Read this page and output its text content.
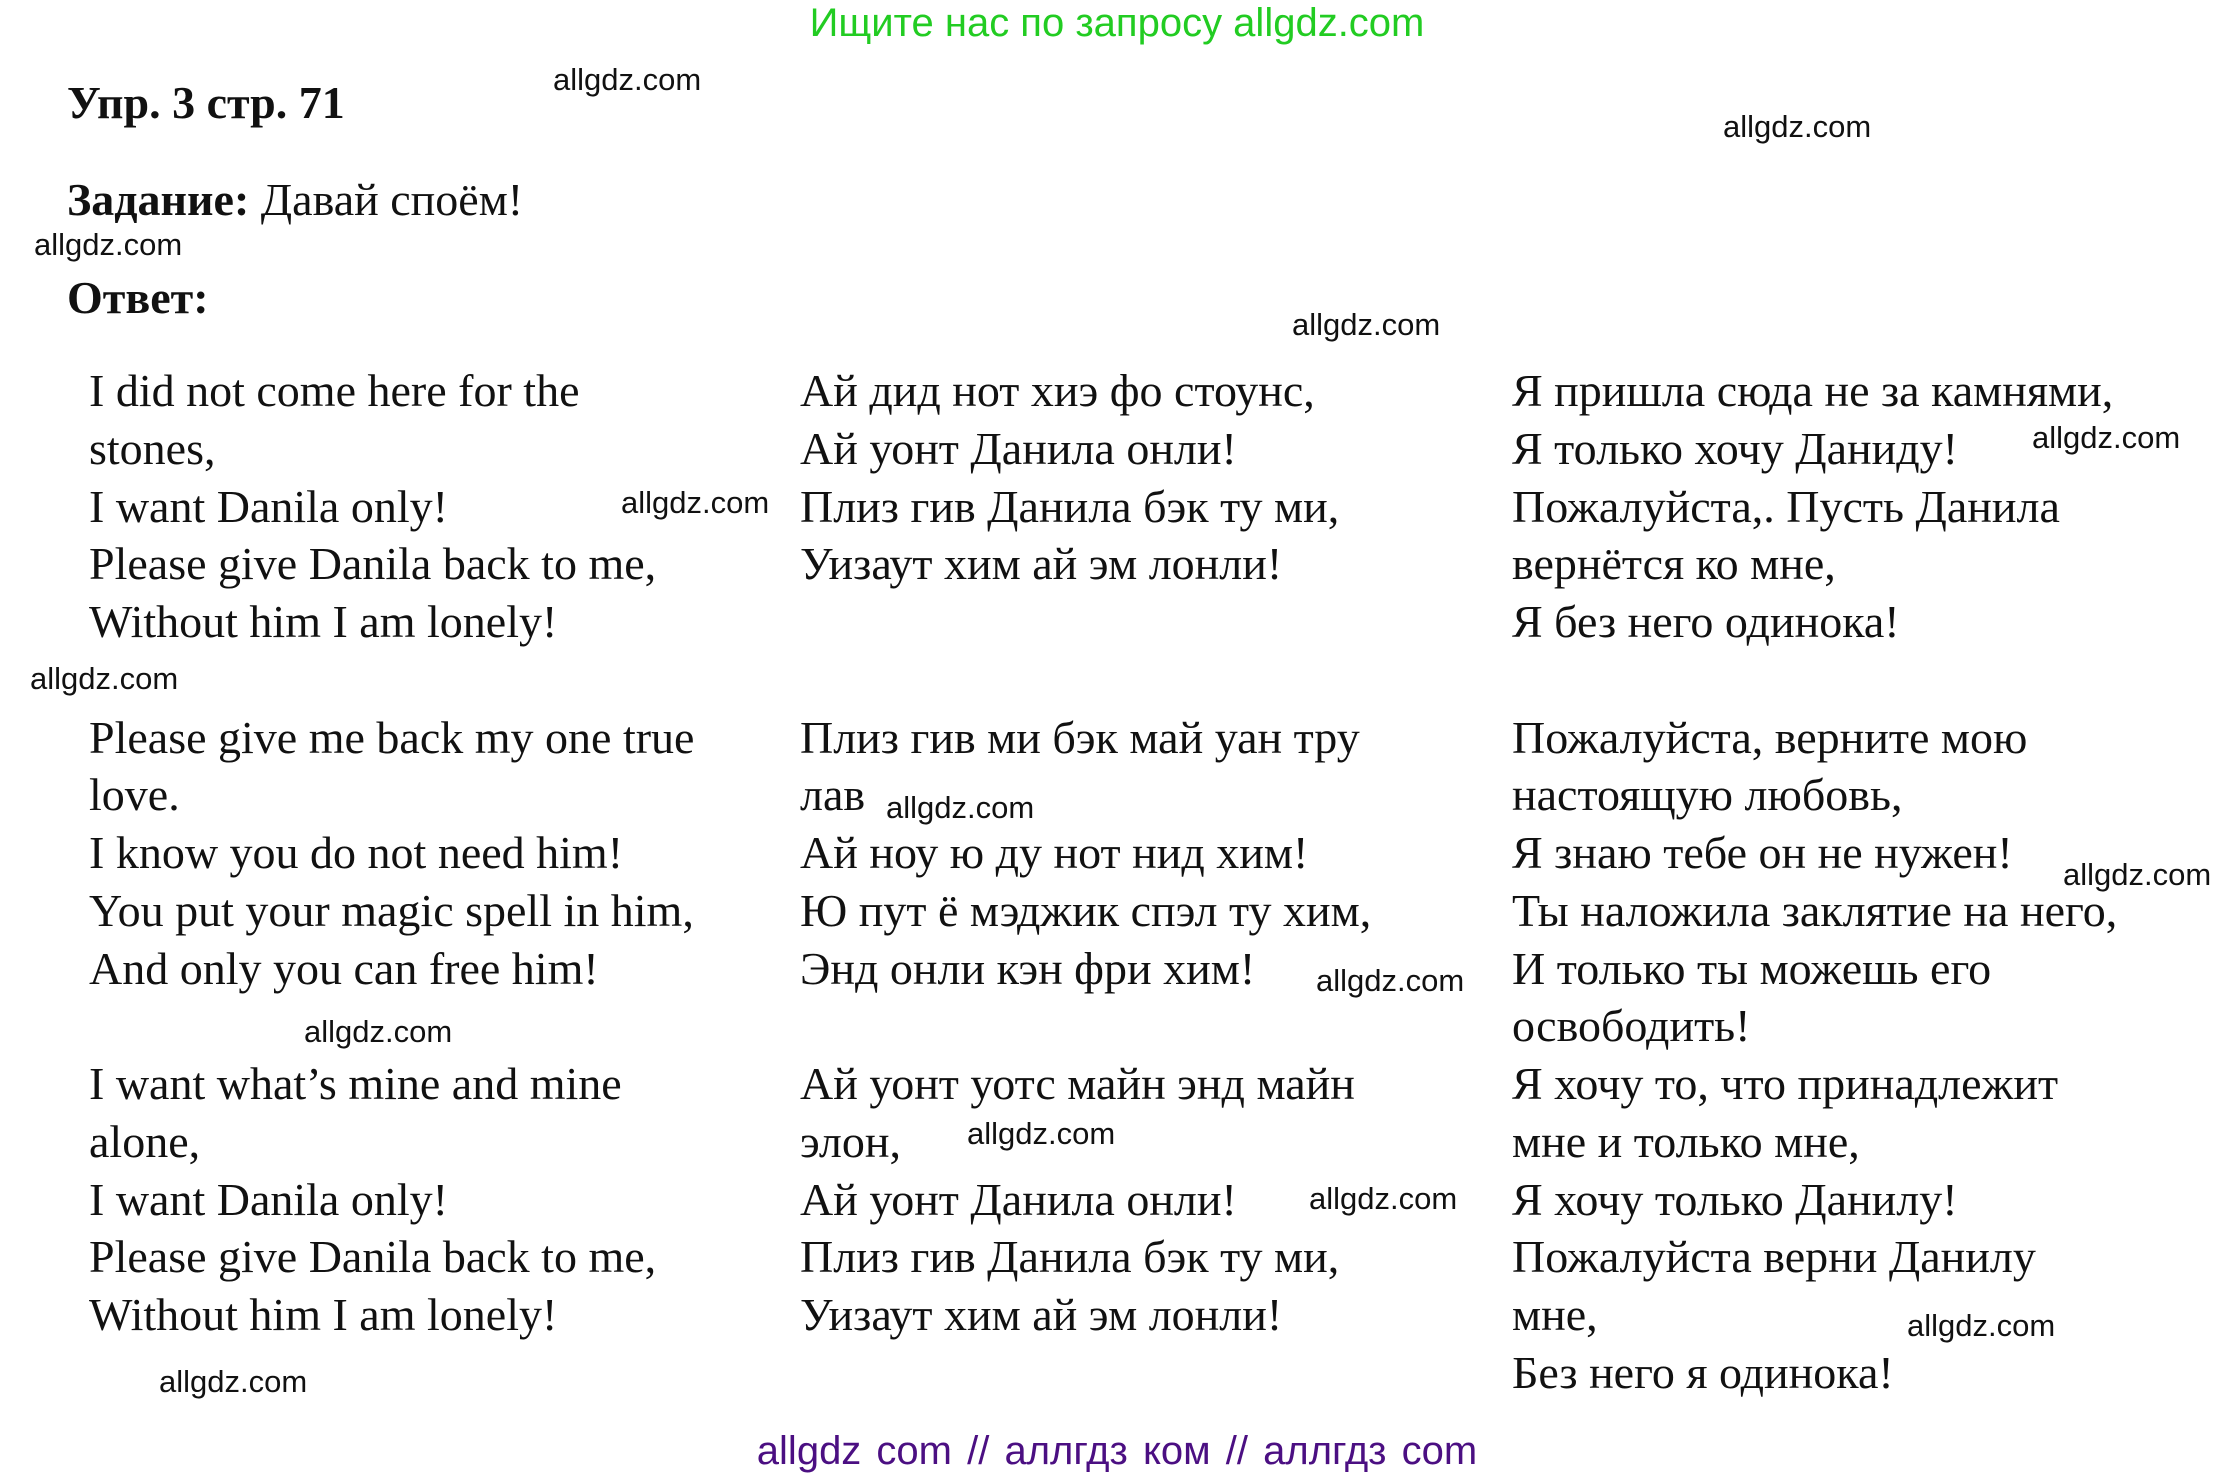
Ищите нас по запросу allgdz.com
Упр. 3 стр. 71
Задание: Давай споём!
Ответ:
I did not come here for the
stones,
I want Danila only!
Please give Danila back to me,
Without him I am lonely!
Please give me back my one true
love.
I know you do not need him!
You put your magic spell in him,
And only you can free him!
I want what’s mine and mine
alone,
I want Danila only!
Please give Danila back to me,
Without him I am lonely!
Ай дид нот хиэ фо стоунс,
Ай уонт Данила онли!
Плиз гив Данила бэк ту ми,
Уизаут хим ай эм лонли!
Плиз гив ми бэк май уан тру
лав
Ай ноу ю ду нот нид хим!
Ю пут ё мэджик спэл ту хим,
Энд онли кэн фри хим!
Ай уонт уотс майн энд майн
элон,
Ай уонт Данила онли!
Плиз гив Данила бэк ту ми,
Уизаут хим ай эм лонли!
Я пришла сюда не за камнями,
Я только хочу Даниду!
Пожалуйста,. Пусть Данила
вернётся ко мне,
Я без него одинока!
Пожалуйста, верните мою
настоящую любовь,
Я знаю тебе он не нужен!
Ты наложила заклятие на него,
И только ты можешь его
освободить!
Я хочу то, что принадлежит
мне и только мне,
Я хочу только Данилу!
Пожалуйста верни Данилу
мне,
Без него я одинока!
allgdz.com
allgdz.com
allgdz.com
allgdz.com
allgdz.com
allgdz.com
allgdz.com
allgdz.com
allgdz.com
allgdz.com
allgdz.com
allgdz.com
allgdz.com
allgdz.com
allgdz.com
allgdz com // аллгдз ком // аллгдз com
